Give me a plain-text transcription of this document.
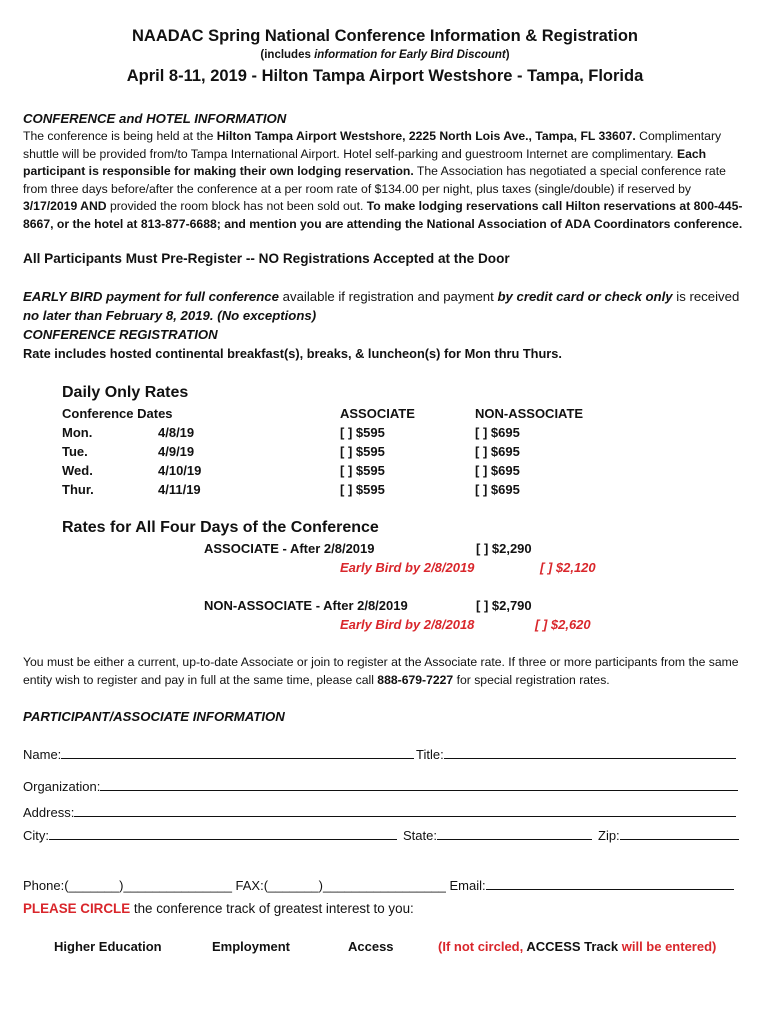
NAADAC Spring National Conference Information & Registration
(includes information for Early Bird Discount)
April 8-11, 2019 - Hilton Tampa Airport Westshore - Tampa, Florida
CONFERENCE and HOTEL INFORMATION
The conference is being held at the Hilton Tampa Airport Westshore, 2225 North Lois Ave., Tampa, FL 33607. Complimentary shuttle will be provided from/to Tampa International Airport. Hotel self-parking and guestroom Internet are complimentary. Each participant is responsible for making their own lodging reservation. The Association has negotiated a special conference rate from three days before/after the conference at a per room rate of $134.00 per night, plus taxes (single/double) if reserved by 3/17/2019 AND provided the room block has not been sold out. To make lodging reservations call Hilton reservations at 800-445-8667, or the hotel at 813-877-6688; and mention you are attending the National Association of ADA Coordinators conference.
All Participants Must Pre-Register -- NO Registrations Accepted at the Door
EARLY BIRD payment for full conference available if registration and payment by credit card or check only is received
no later than February 8, 2019. (No exceptions)
CONFERENCE REGISTRATION
Rate includes hosted continental breakfast(s), breaks, & luncheon(s) for Mon thru Thurs.
Daily Only Rates
Conference Dates	ASSOCIATE	NON-ASSOCIATE
Mon.	4/8/19	[ ] $595	[ ] $695
Tue.	4/9/19	[ ] $595	[ ] $695
Wed.	4/10/19	[ ] $595	[ ] $695
Thur.	4/11/19	[ ] $595	[ ] $695
Rates for All Four Days of the Conference
ASSOCIATE - After 2/8/2019	[ ] $2,290
Early Bird by 2/8/2019	[ ] $2,120
NON-ASSOCIATE - After 2/8/2019	[ ] $2,790
Early Bird by 2/8/2018	[ ] $2,620
You must be either a current, up-to-date Associate or join to register at the Associate rate. If three or more participants from the same entity wish to register and pay in full at the same time, please call 888-679-7227 for special registration rates.
PARTICIPANT/ASSOCIATE INFORMATION
Name:	Title:
Organization:
Address:
City:	State:	Zip:
Phone:(_______)_______________ FAX:(_______)_________________ Email:
PLEASE CIRCLE the conference track of greatest interest to you:
Higher Education	Employment	Access	(If not circled, ACCESS Track will be entered)
